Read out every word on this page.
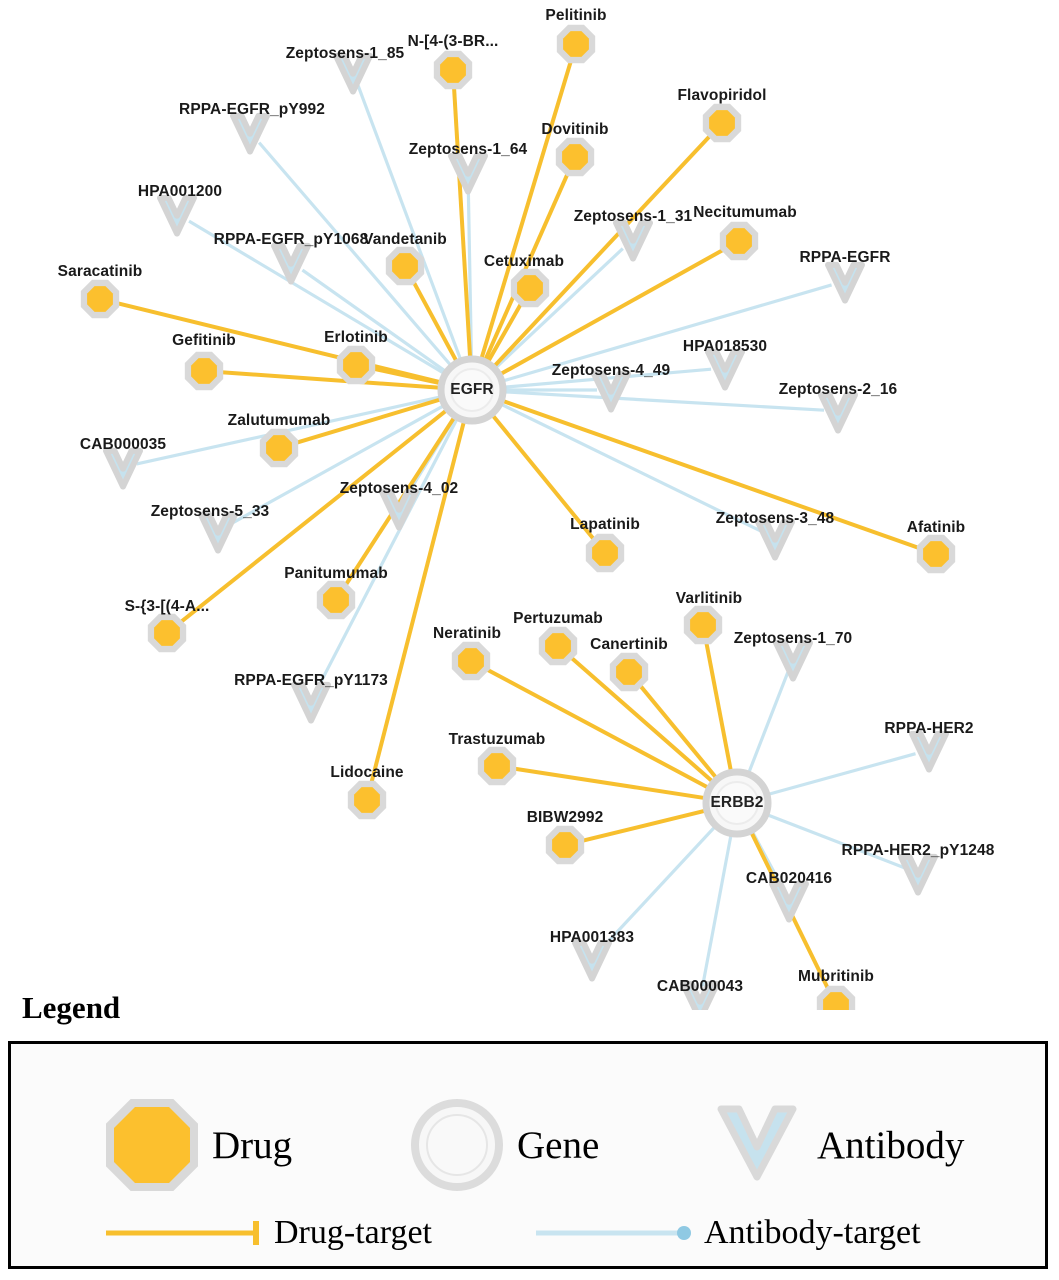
Zeptosens-1_85
RPPA-EGFR_pY992
Zeptosens-1_64
HPA001200
Zeptosens-1_31
RPPA-EGFR_pY1068
RPPA-EGFR
HPA018530
Zeptosens-4_49
Zeptosens-2_16
CAB000035
Zeptosens-4_02
Zeptosens-5_33	Zeptosens-3_48
Zeptosens-1_70
RPPA-EGFR_pY1173
RPPA-HER2
RPPA-HER2_pY1248
CAB020416
HPA001383
CAB000043
Pelitinib
N-[4-(3-BR...
Flavopiridol
Dovitinib
Necitumumab
Vandetanib
Cetuximab
Saracatinib
Gefitinib	Erlotinib
Zalutumumab
Afatinib
Lapatinib
Panitumumab
S-{3-[(4-A...	Varlitinib
Pertuzumab
Neratinib
Canertinib
Trastuzumab
Lidocaine
BIBW2992
Mubritinib
EGFR
ERBB2
Legend
Drug	Gene	Antibody
Drug-target	Antibody-target
